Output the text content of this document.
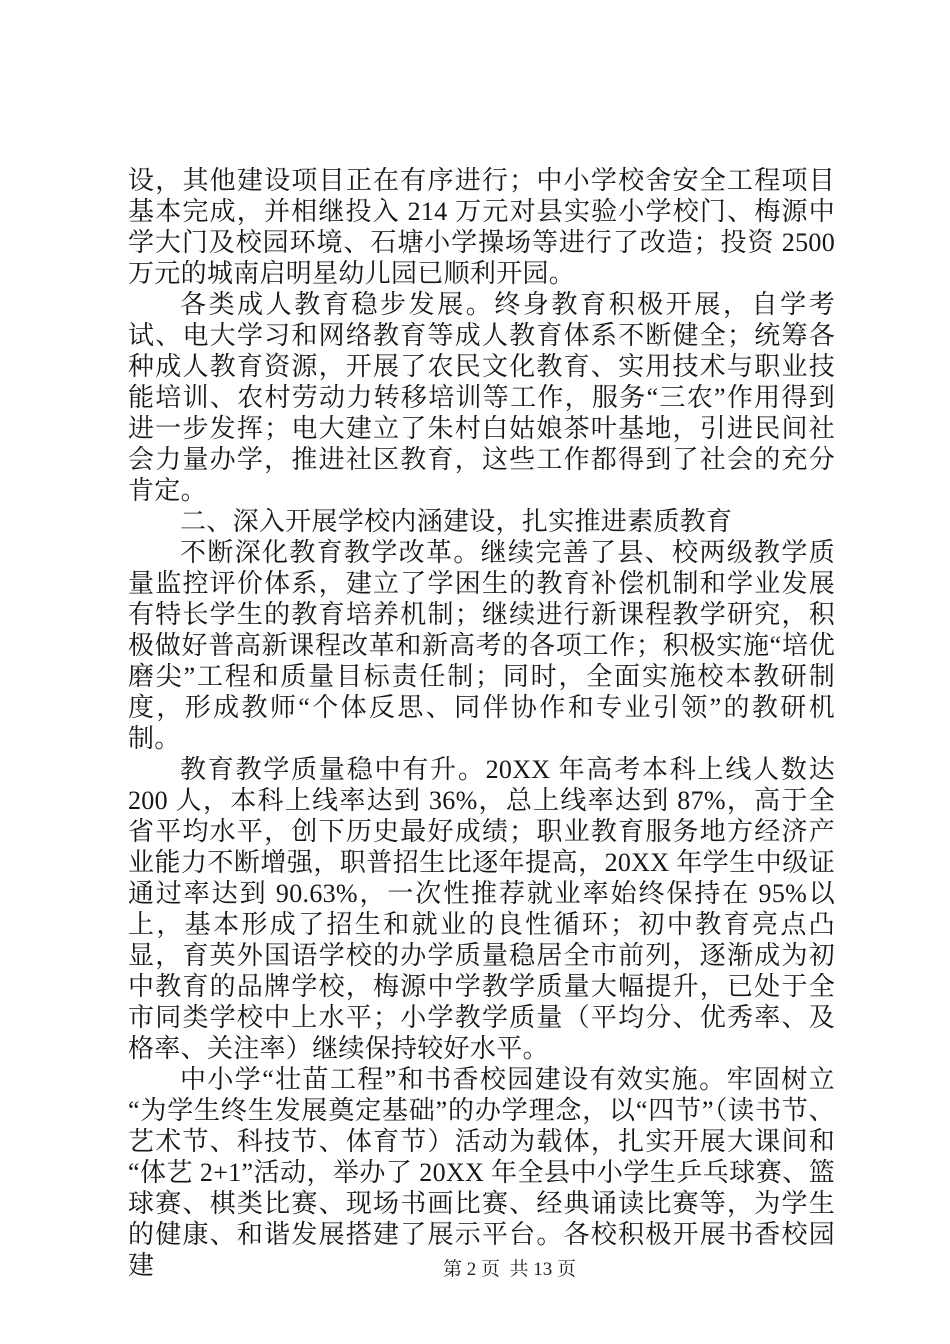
设，其他建设项目正在有序进行；中小学校舍安全工程项目基本完成，并相继投入 214 万元对县实验小学校门、梅源中学大门及校园环境、石塘小学操场等进行了改造；投资 2500 万元的城南启明星幼儿园已顺利开园。

各类成人教育稳步发展。终身教育积极开展，自学考试、电大学习和网络教育等成人教育体系不断健全；统筹各种成人教育资源，开展了农民文化教育、实用技术与职业技能培训、农村劳动力转移培训等工作，服务“三农”作用得到进一步发挥；电大建立了朱村白姑娘茶叶基地，引进民间社会力量办学，推进社区教育，这些工作都得到了社会的充分肯定。

二、深入开展学校内涵建设，扎实推进素质教育

不断深化教育教学改革。继续完善了县、校两级教学质量监控评价体系，建立了学困生的教育补偿机制和学业发展有特长学生的教育培养机制；继续进行新课程教学研究，积极做好普高新课程改革和新高考的各项工作；积极实施“培优磨尖”工程和质量目标责任制；同时，全面实施校本教研制度，形成教师“个体反思、同伴协作和专业引领”的教研机制。

教育教学质量稳中有升。20XX 年高考本科上线人数达 200 人，本科上线率达到 36%，总上线率达到 87%，高于全省平均水平，创下历史最好成绩；职业教育服务地方经济产业能力不断增强，职普招生比逐年提高，20XX 年学生中级证通过率达到 90.63%，一次性推荐就业率始终保持在 95%以上，基本形成了招生和就业的良性循环；初中教育亮点凸显，育英外国语学校的办学质量稳居全市前列，逐渐成为初中教育的品牌学校，梅源中学教学质量大幅提升，已处于全市同类学校中上水平；小学教学质量（平均分、优秀率、及格率、关注率）继续保持较好水平。

中小学“壮苗工程”和书香校园建设有效实施。牢固树立“为学生终生发展奠定基础”的办学理念，以“四节”（读书节、艺术节、科技节、体育节）活动为载体，扎实开展大课间和“体艺 2+1”活动，举办了 20XX 年全县中小学生乒乓球赛、篮球赛、棋类比赛、现场书画比赛、经典诵读比赛等，为学生的健康、和谐发展搭建了展示平台。各校积极开展书香校园建	第 2 页  共 13 页
